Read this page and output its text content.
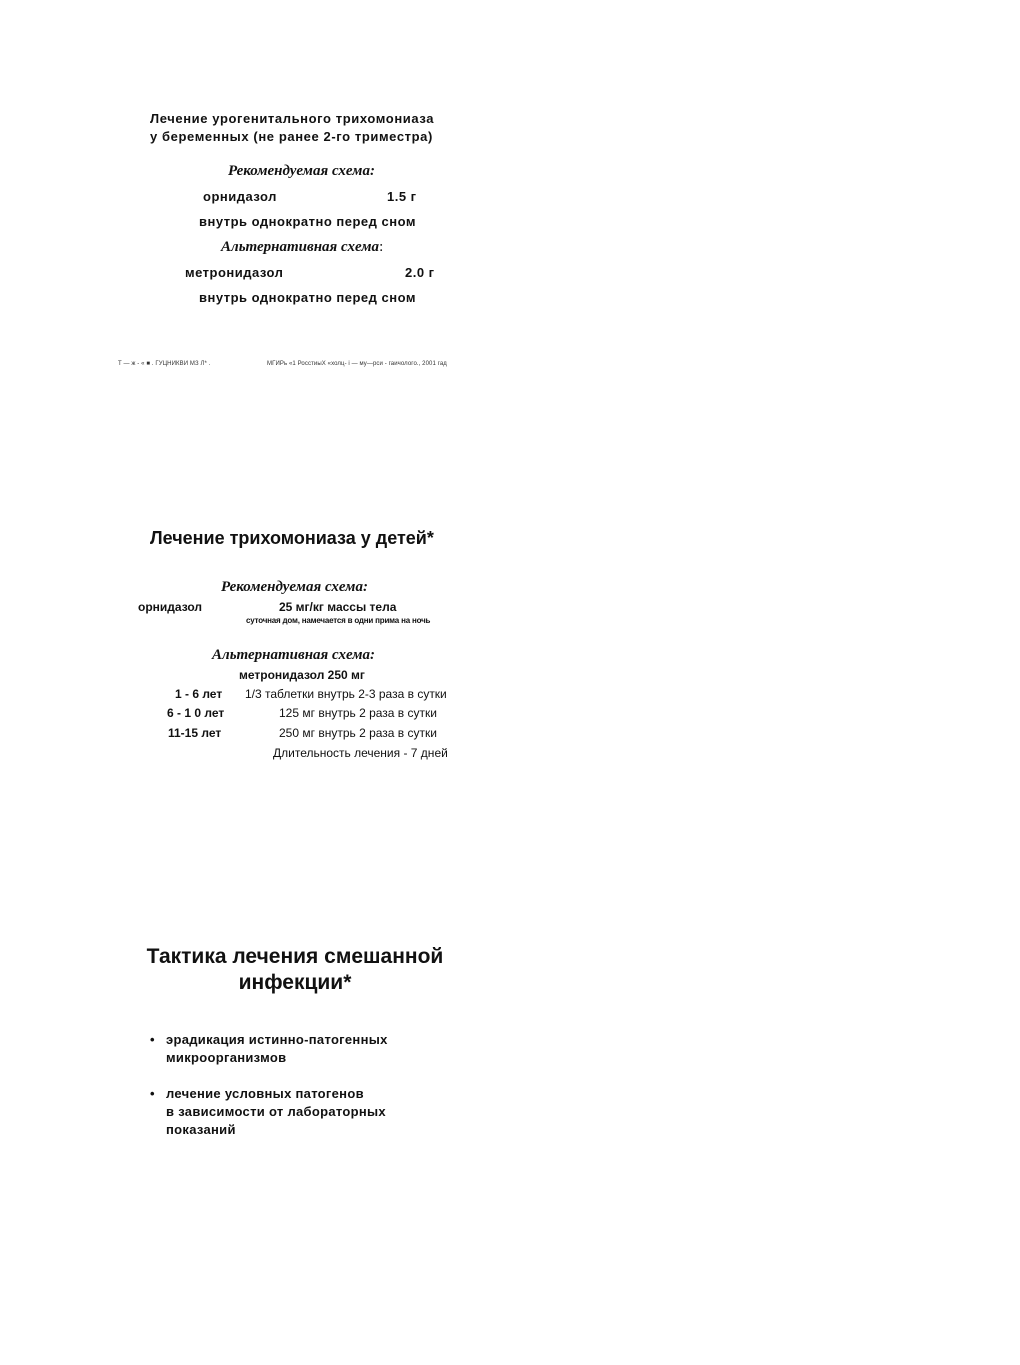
Лечение урогенитального трихомониаза
у беременных (не ранее 2-го триместра)
Рекомендуемая схема:
орнидазол	1.5 г
внутрь однократно перед сном
Альтернативная схема:
метронидазол	2.0 г
внутрь однократно перед сном
Т — ж - « ■ . ГУЦНИКВИ МЗ Л* .	МГИРь «1 РосстиыХ «холц- і — му—рси - гаичолого., 2001 гад
Лечение трихомониаза у детей*
Рекомендуемая схема:
орнидазол	25 мг/кг массы тела
суточная дом, намечается в одни прима на ночь
Альтернативная схема:
метронидазол 250 мг
1 - 6 лет 1/3 таблетки внутрь 2-3 раза в сутки
6 - 1 0 лет	125 мг внутрь 2 раза в сутки
11-15 лет	250 мг внутрь 2 раза в сутки
Длительность лечения - 7 дней
Тактика лечения смешанной
инфекции*
• эрадикация истинно-патогенных
микроорганизмов
• лечение условных патогенов
в зависимости от лабораторных
показаний
